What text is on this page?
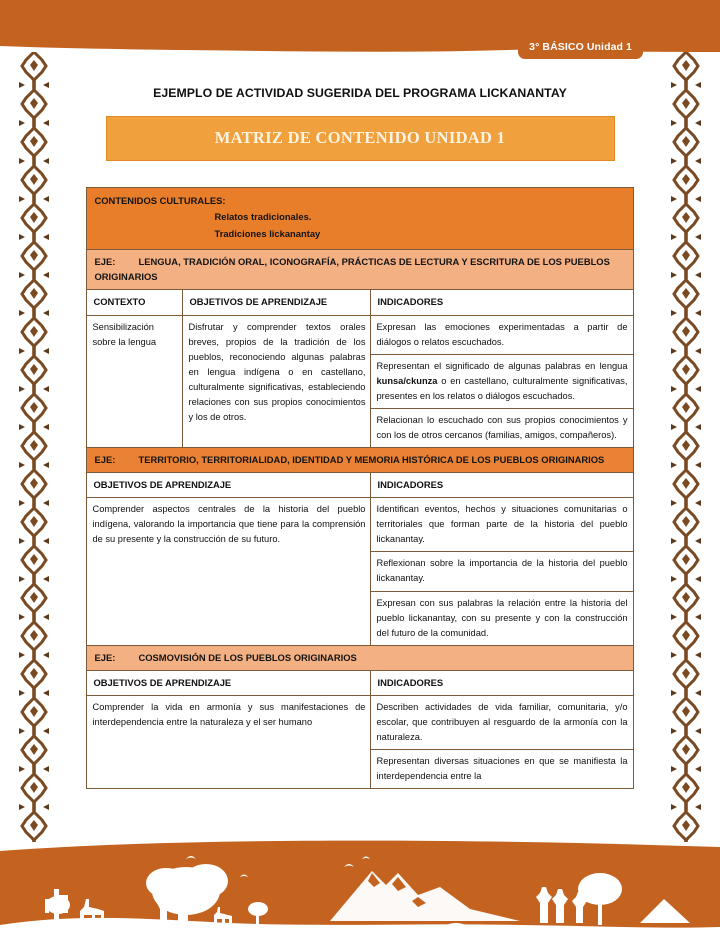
3° BÁSICO Unidad 1
EJEMPLO DE ACTIVIDAD SUGERIDA DEL PROGRAMA LICKANANTAY
MATRIZ DE CONTENIDO UNIDAD 1
CONTENIDOS CULTURALES:
Relatos tradicionales.
Tradiciones lickanantay		

EJE: LENGUA, TRADICIÓN ORAL, ICONOGRAFÍA, PRÁCTICAS DE LECTURA Y ESCRITURA DE LOS PUEBLOS ORIGINARIOS		
CONTEXTO	OBJETIVOS DE APRENDIZAJE	INDICADORES
Sensibilización sobre la lengua	Disfrutar y comprender textos orales breves, propios de la tradición de los pueblos, reconociendo algunas palabras en lengua indígena o en castellano, culturalmente significativas, estableciendo relaciones con sus propios conocimientos y los de otros.	Expresan las emociones experimentadas a partir de diálogos o relatos escuchados.
		Representan el significado de algunas palabras en lengua kunsa/ckunza o en castellano, culturalmente significativas, presentes en los relatos o diálogos escuchados.
		Relacionan lo escuchado con sus propios conocimientos y con los de otros cercanos (familias, amigos, compañeros).
EJE: TERRITORIO, TERRITORIALIDAD, IDENTIDAD Y MEMORIA HISTÓRICA DE LOS PUEBLOS ORIGINARIOS		
OBJETIVOS DE APRENDIZAJE		INDICADORES
Comprender aspectos centrales de la historia del pueblo indígena, valorando la importancia que tiene para la comprensión de su presente y la construcción de su futuro.		Identifican eventos, hechos y situaciones comunitarias o territoriales que forman parte de la historia del pueblo lickanantay.
		Reflexionan sobre la importancia de la historia del pueblo lickanantay.
		Expresan con sus palabras la relación entre la historia del pueblo lickanantay, con su presente y con la construcción del futuro de la comunidad.
EJE: COSMOVISIÓN DE LOS PUEBLOS ORIGINARIOS		
OBJETIVOS DE APRENDIZAJE		INDICADORES
Comprender la vida en armonía y sus manifestaciones de interdependencia entre la naturaleza y el ser humano		Describen actividades de vida familiar, comunitaria, y/o escolar, que contribuyen al resguardo de la armonía con la naturaleza.
		Representan diversas situaciones en que se manifiesta la interdependencia entre la
